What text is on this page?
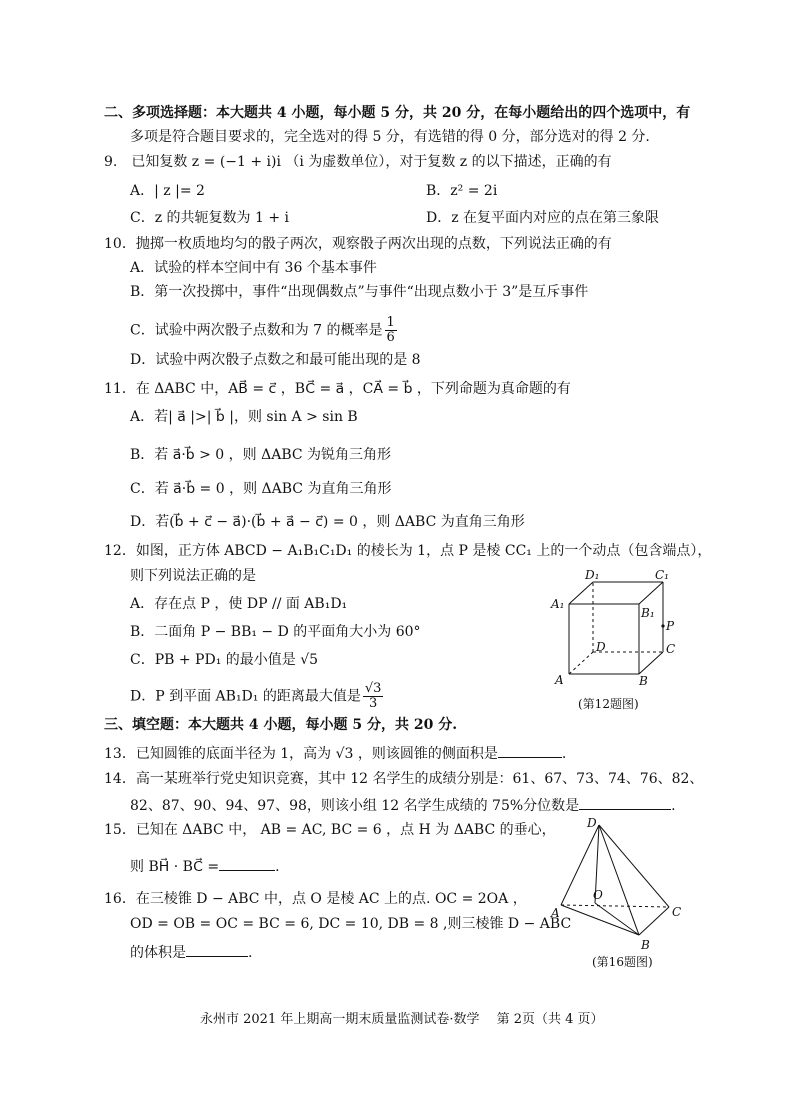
二、多项选择题：本大题共 4 小题，每小题 5 分，共 20 分，在每小题给出的四个选项中，有
多项是符合题目要求的，完全选对的得 5 分，有选错的得 0 分，部分选对的得 2 分.
9.　已知复数 z = (−1 + i)i （i 为虚数单位），对于复数 z 的以下描述，正确的有
A．| z |= 2	B．z² = 2i
C．z 的共轭复数为 1 + i	D．z 在复平面内对应的点在第三象限
10．抛掷一枚质地均匀的骰子两次，观察骰子两次出现的点数，下列说法正确的有
A．试验的样本空间中有 36 个基本事件
B．第一次投掷中，事件“出现偶数点”与事件“出现点数小于 3”是互斥事件
C．试验中两次骰子点数和为 7 的概率是 $\frac{1}{6}$
D．试验中两次骰子点数之和最可能出现的是 8
11．在 ΔABC 中，AB⃗ = c⃗ ，BC⃗ = a⃗ ，CA⃗ = b⃗ ，下列命题为真命题的有
A．若| a⃗ |>| b⃗ |，则 sin A > sin B
B．若 a⃗·b⃗ > 0 ，则 ΔABC 为锐角三角形
C．若 a⃗·b⃗ = 0 ，则 ΔABC 为直角三角形
D．若(b⃗ + c⃗ − a⃗)·(b⃗ + a⃗ − c⃗) = 0 ，则 ΔABC 为直角三角形
12．如图，正方体 ABCD − A₁B₁C₁D₁ 的棱长为 1，点 P 是棱 CC₁ 上的一个动点（包含端点），
则下列说法正确的是
A．存在点 P ，使 DP // 面 AB₁D₁
B．二面角 P − BB₁ − D 的平面角大小为 60°
C．PB + PD₁ 的最小值是 √5
D．P 到平面 AB₁D₁ 的距离最大值是 $\frac{√3}{3}$
D₁	C₁
A₁
B₁
P
D	C
A	B
(第12题图)
三、填空题：本大题共 4 小题，每小题 5 分，共 20 分.
13．已知圆锥的底面半径为 1，高为 √3 ，则该圆锥的侧面积是	.
14．高一某班举行党史知识竞赛，其中 12 名学生的成绩分别是：61、67、73、74、76、82、
82、87、90、94、97、98，则该小组 12 名学生成绩的 75%分位数是	.
15．已知在 ΔABC 中， AB = AC, BC = 6 ，点 H 为 ΔABC 的垂心，
则 BH⃗ · BC⃗ =	.
16．在三棱锥 D − ABC 中，点 O 是棱 AC 上的点. OC = 2OA ，
OD = OB = OC = BC = 6, DC = 10, DB = 8 ,则三棱锥 D − ABC
的体积是	.
D
O
A	C
B
(第16题图)
永州市 2021 年上期高一期末质量监测试卷·数学　 第 2页（共 4 页）
